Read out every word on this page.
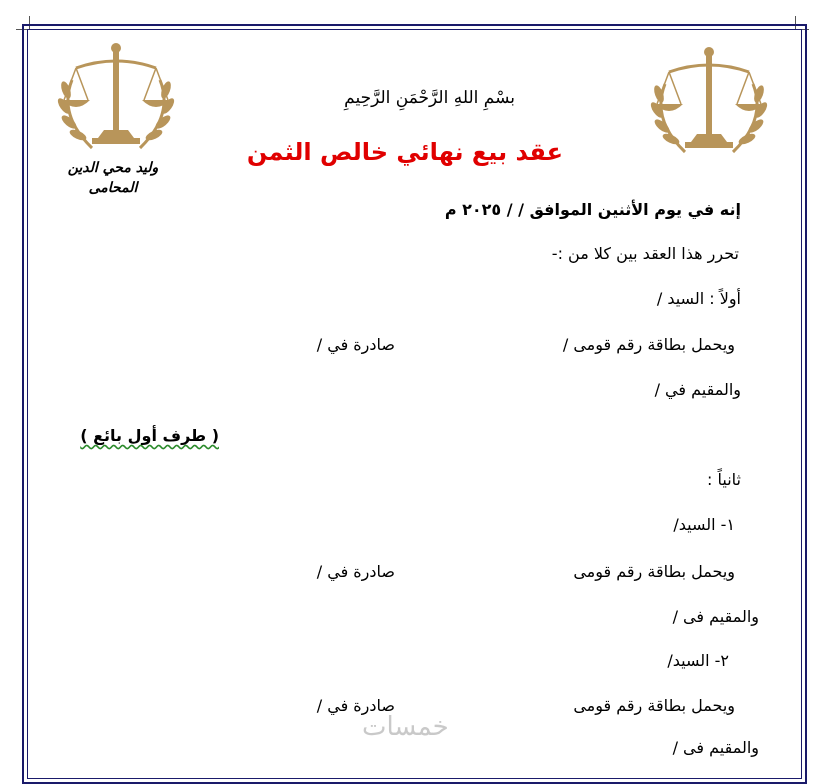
وليد محي الدين
المحامى
بسْمِ اللهِ الرَّحْمَنِ الرَّحِيمِ
عقد بيع نهائي خالص الثمن
إنه في يوم الأثنين الموافق / / ٢٠٢٥ م
تحرر هذا العقد بين كلا من :-
أولاً : السيد /
ويحمل بطاقة رقم قومى /
صادرة في /
والمقيم في /
( طرف أول بائع )
ثانياً :
١- السيد/
ويحمل بطاقة رقم قومى
صادرة في /
والمقيم فى /
٢- السيد/
ويحمل بطاقة رقم قومى
صادرة في /
والمقيم فى /
خمسات
